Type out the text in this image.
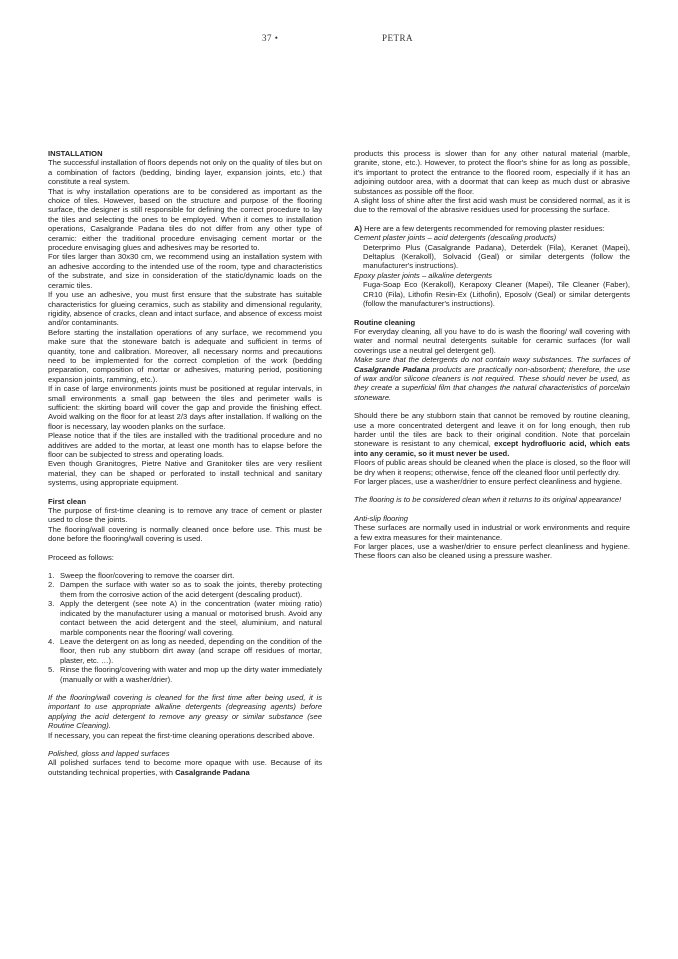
37 •	PETRA

INSTALLATION

The successful installation of floors depends not only on the quality of tiles but on a combination of factors (bedding, binding layer, expansion joints, etc.) that constitute a real system.

That is why installation operations are to be considered as important as the choice of tiles. However, based on the structure and purpose of the flooring surface, the designer is still responsible for defining the correct procedure to lay the tiles and selecting the ones to be employed. When it comes to installation operations, Casalgrande Padana tiles do not differ from any other type of ceramic: either the traditional procedure envisaging cement mortar or the procedure envisaging glues and adhesives may be resorted to.

For tiles larger than 30x30 cm, we recommend using an installation system with an adhesive according to the intended use of the room, type and characteristics of the substrate, and size in consideration of the static/dynamic loads on the ceramic tiles.

If you use an adhesive, you must first ensure that the substrate has suitable characteristics for glueing ceramics, such as stability and dimensional regularity, rigidity, absence of cracks, clean and intact surface, and absence of excess moist and/or contaminants.

Before starting the installation operations of any surface, we recommend you make sure that the stoneware batch is adequate and sufficient in terms of quantity, tone and calibration. Moreover, all necessary norms and precautions need to be implemented for the correct completion of the work (bedding preparation, composition of mortar or adhesives, maturing period, positioning expansion joints, ramming, etc.).

If in case of large environments joints must be positioned at regular intervals, in small environments a small gap between the tiles and perimeter walls is sufficient: the skirting board will cover the gap and provide the finishing effect. Avoid walking on the floor for at least 2/3 days after installation. If walking on the floor is necessary, lay wooden planks on the surface.

Please notice that if the tiles are installed with the traditional procedure and no additives are added to the mortar, at least one month has to elapse before the floor can be subjected to stress and operating loads.

Even though Granitogres, Pietre Native and Granitoker tiles are very resilient material, they can be shaped or perforated to install technical and sanitary systems, using appropriate equipment.

First clean

The purpose of first-time cleaning is to remove any trace of cement or plaster used to close the joints.

The flooring/wall covering is normally cleaned once before use. This must be done before the flooring/wall covering is used.

Proceed as follows:

1. Sweep the floor/covering to remove the coarser dirt.
2. Dampen the surface with water so as to soak the joints, thereby protecting them from the corrosive action of the acid detergent (descaling product).
3. Apply the detergent (see note A) in the concentration (water mixing ratio) indicated by the manufacturer using a manual or motorised brush. Avoid any contact between the acid detergent and the steel, aluminium, and natural marble components near the flooring/ wall covering.
4. Leave the detergent on as long as needed, depending on the condition of the floor, then rub any stubborn dirt away (and scrape off residues of mortar, plaster, etc. …).
5. Rinse the flooring/covering with water and mop up the dirty water immediately (manually or with a washer/drier).

If the flooring/wall covering is cleaned for the first time after being used, it is important to use appropriate alkaline detergents (degreasing agents) before applying the acid detergent to remove any greasy or similar substance (see Routine Cleaning).

If necessary, you can repeat the first-time cleaning operations described above.

Polished, gloss and lapped surfaces

All polished surfaces tend to become more opaque with use. Because of its outstanding technical properties, with Casalgrande Padana

products this process is slower than for any other natural material (marble, granite, stone, etc.). However, to protect the floor's shine for as long as possible, it's important to protect the entrance to the floored room, especially if it has an adjoining outdoor area, with a doormat that can keep as much dust or abrasive substances as possible off the floor.

A slight loss of shine after the first acid wash must be considered normal, as it is due to the removal of the abrasive residues used for processing the surface.

A) Here are a few detergents recommended for removing plaster residues:

Cement plaster joints – acid detergents (descaling products)

Deterprimo Plus (Casalgrande Padana), Deterdek (Fila), Keranet (Mapei), Deltaplus (Kerakoll), Solvacid (Geal) or similar detergents (follow the manufacturer's instructions).

Epoxy plaster joints – alkaline detergents

Fuga-Soap Eco (Kerakoll), Kerapoxy Cleaner (Mapei), Tile Cleaner (Faber), CR10 (Fila), Lithofin Resin-Ex (Lithofin), Eposolv (Geal) or similar detergents (follow the manufacturer's instructions).

Routine cleaning

For everyday cleaning, all you have to do is wash the flooring/ wall covering with water and normal neutral detergents suitable for ceramic surfaces (for wall coverings use a neutral gel detergent gel).

Make sure that the detergents do not contain waxy substances. The surfaces of Casalgrande Padana products are practically non-absorbent; therefore, the use of wax and/or silicone cleaners is not required. These should never be used, as they create a superficial film that changes the natural characteristics of porcelain stoneware.

Should there be any stubborn stain that cannot be removed by routine cleaning, use a more concentrated detergent and leave it on for long enough, then rub harder until the tiles are back to their original condition. Note that porcelain stoneware is resistant to any chemical, except hydrofluoric acid, which eats into any ceramic, so it must never be used.

Floors of public areas should be cleaned when the place is closed, so the floor will be dry when it reopens; otherwise, fence off the cleaned floor until perfectly dry.

For larger places, use a washer/drier to ensure perfect cleanliness and hygiene.

The flooring is to be considered clean when it returns to its original appearance!

Anti-slip flooring

These surfaces are normally used in industrial or work environments and require a few extra measures for their maintenance.

For larger places, use a washer/drier to ensure perfect cleanliness and hygiene. These floors can also be cleaned using a pressure washer.
